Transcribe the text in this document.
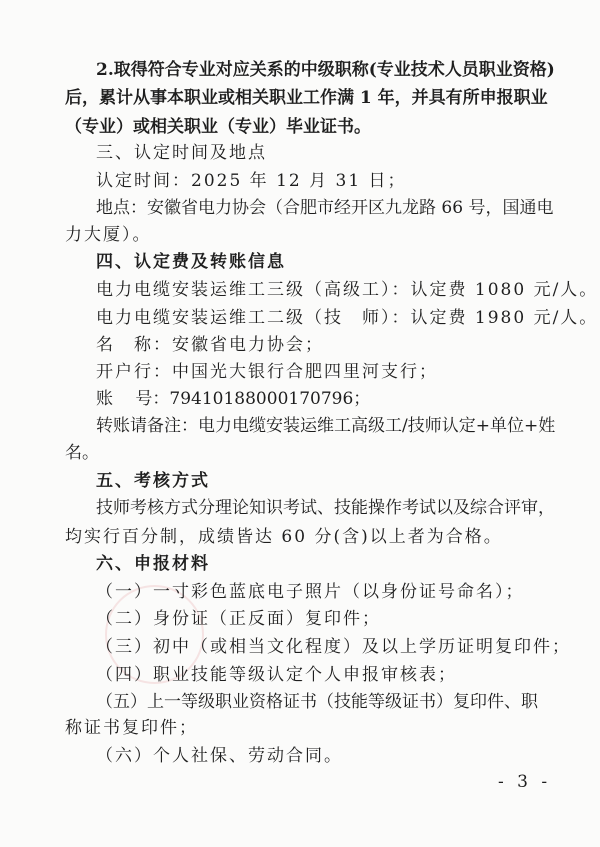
2.取得符合专业对应关系的中级职称(专业技术人员职业资格)
后，累计从事本职业或相关职业工作满 1 年，并具有所申报职业
（专业）或相关职业（专业）毕业证书。
三、认定时间及地点
认定时间：2025 年 12 月 31 日；
地点：安徽省电力协会（合肥市经开区九龙路 66 号，国通电
力大厦）。
四、认定费及转账信息
电力电缆安装运维工三级（高级工）：认定费 1080 元/人。
电力电缆安装运维工二级（技　师）：认定费 1980 元/人。
名　称：安徽省电力协会；
开户行：中国光大银行合肥四里河支行；
账　 号：79410188000170796；
转账请备注：电力电缆安装运维工高级工/技师认定+单位+姓
名。
五、考核方式
技师考核方式分理论知识考试、技能操作考试以及综合评审，
均实行百分制，成绩皆达 60 分(含)以上者为合格。
六、申报材料
（一）一寸彩色蓝底电子照片（以身份证号命名）；
（二）身份证（正反面）复印件；
（三）初中（或相当文化程度）及以上学历证明复印件；
（四）职业技能等级认定个人申报审核表；
（五）上一等级职业资格证书（技能等级证书）复印件、职
称证书复印件；
（六）个人社保、劳动合同。
- 3 -
